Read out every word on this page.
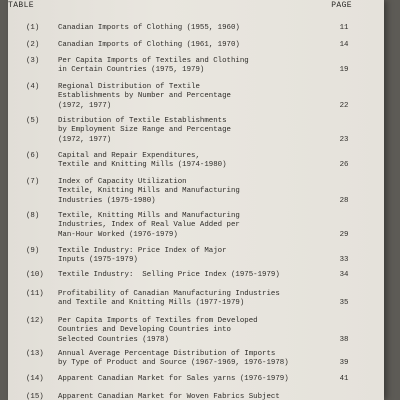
TABLE	PAGE
(1)	Canadian Imports of Clothing (1955, 1960)	11
(2)	Canadian Imports of Clothing (1961, 1970)	14
(3)	Per Capita Imports of Textiles and Clothing
in Certain Countries (1975, 1979)	19
(4)	Regional Distribution of Textile
Establishments by Number and Percentage
(1972, 1977)	22
(5)	Distribution of Textile Establishments
by Employment Size Range and Percentage
(1972, 1977)	23
(6)	Capital and Repair Expenditures,
Textile and Knitting Mills (1974-1980)	26
(7)	Index of Capacity Utilization
Textile, Knitting Mills and Manufacturing
Industries (1975-1980)	28
(8)	Textile, Knitting Mills and Manufacturing
Industries, Index of Real Value Added per
Man-Hour Worked (1976-1979)	29
(9)	Textile Industry: Price Index of Major
Inputs (1975-1979)	33
(10)	Textile Industry:  Selling Price Index (1975-1979)	34
(11)	Profitability of Canadian Manufacturing Industries
and Textile and Knitting Mills (1977-1979)	35
(12)	Per Capita Imports of Textiles from Developed
Countries and Developing Countries into
Selected Countries (1978)	38
(13)	Annual Average Percentage Distribution of Imports
by Type of Product and Source (1967-1969, 1976-1978)	39
(14)	Apparent Canadian Market for Sales yarns (1976-1979)	41
(15)	Apparent Canadian Market for Woven Fabrics Subject
